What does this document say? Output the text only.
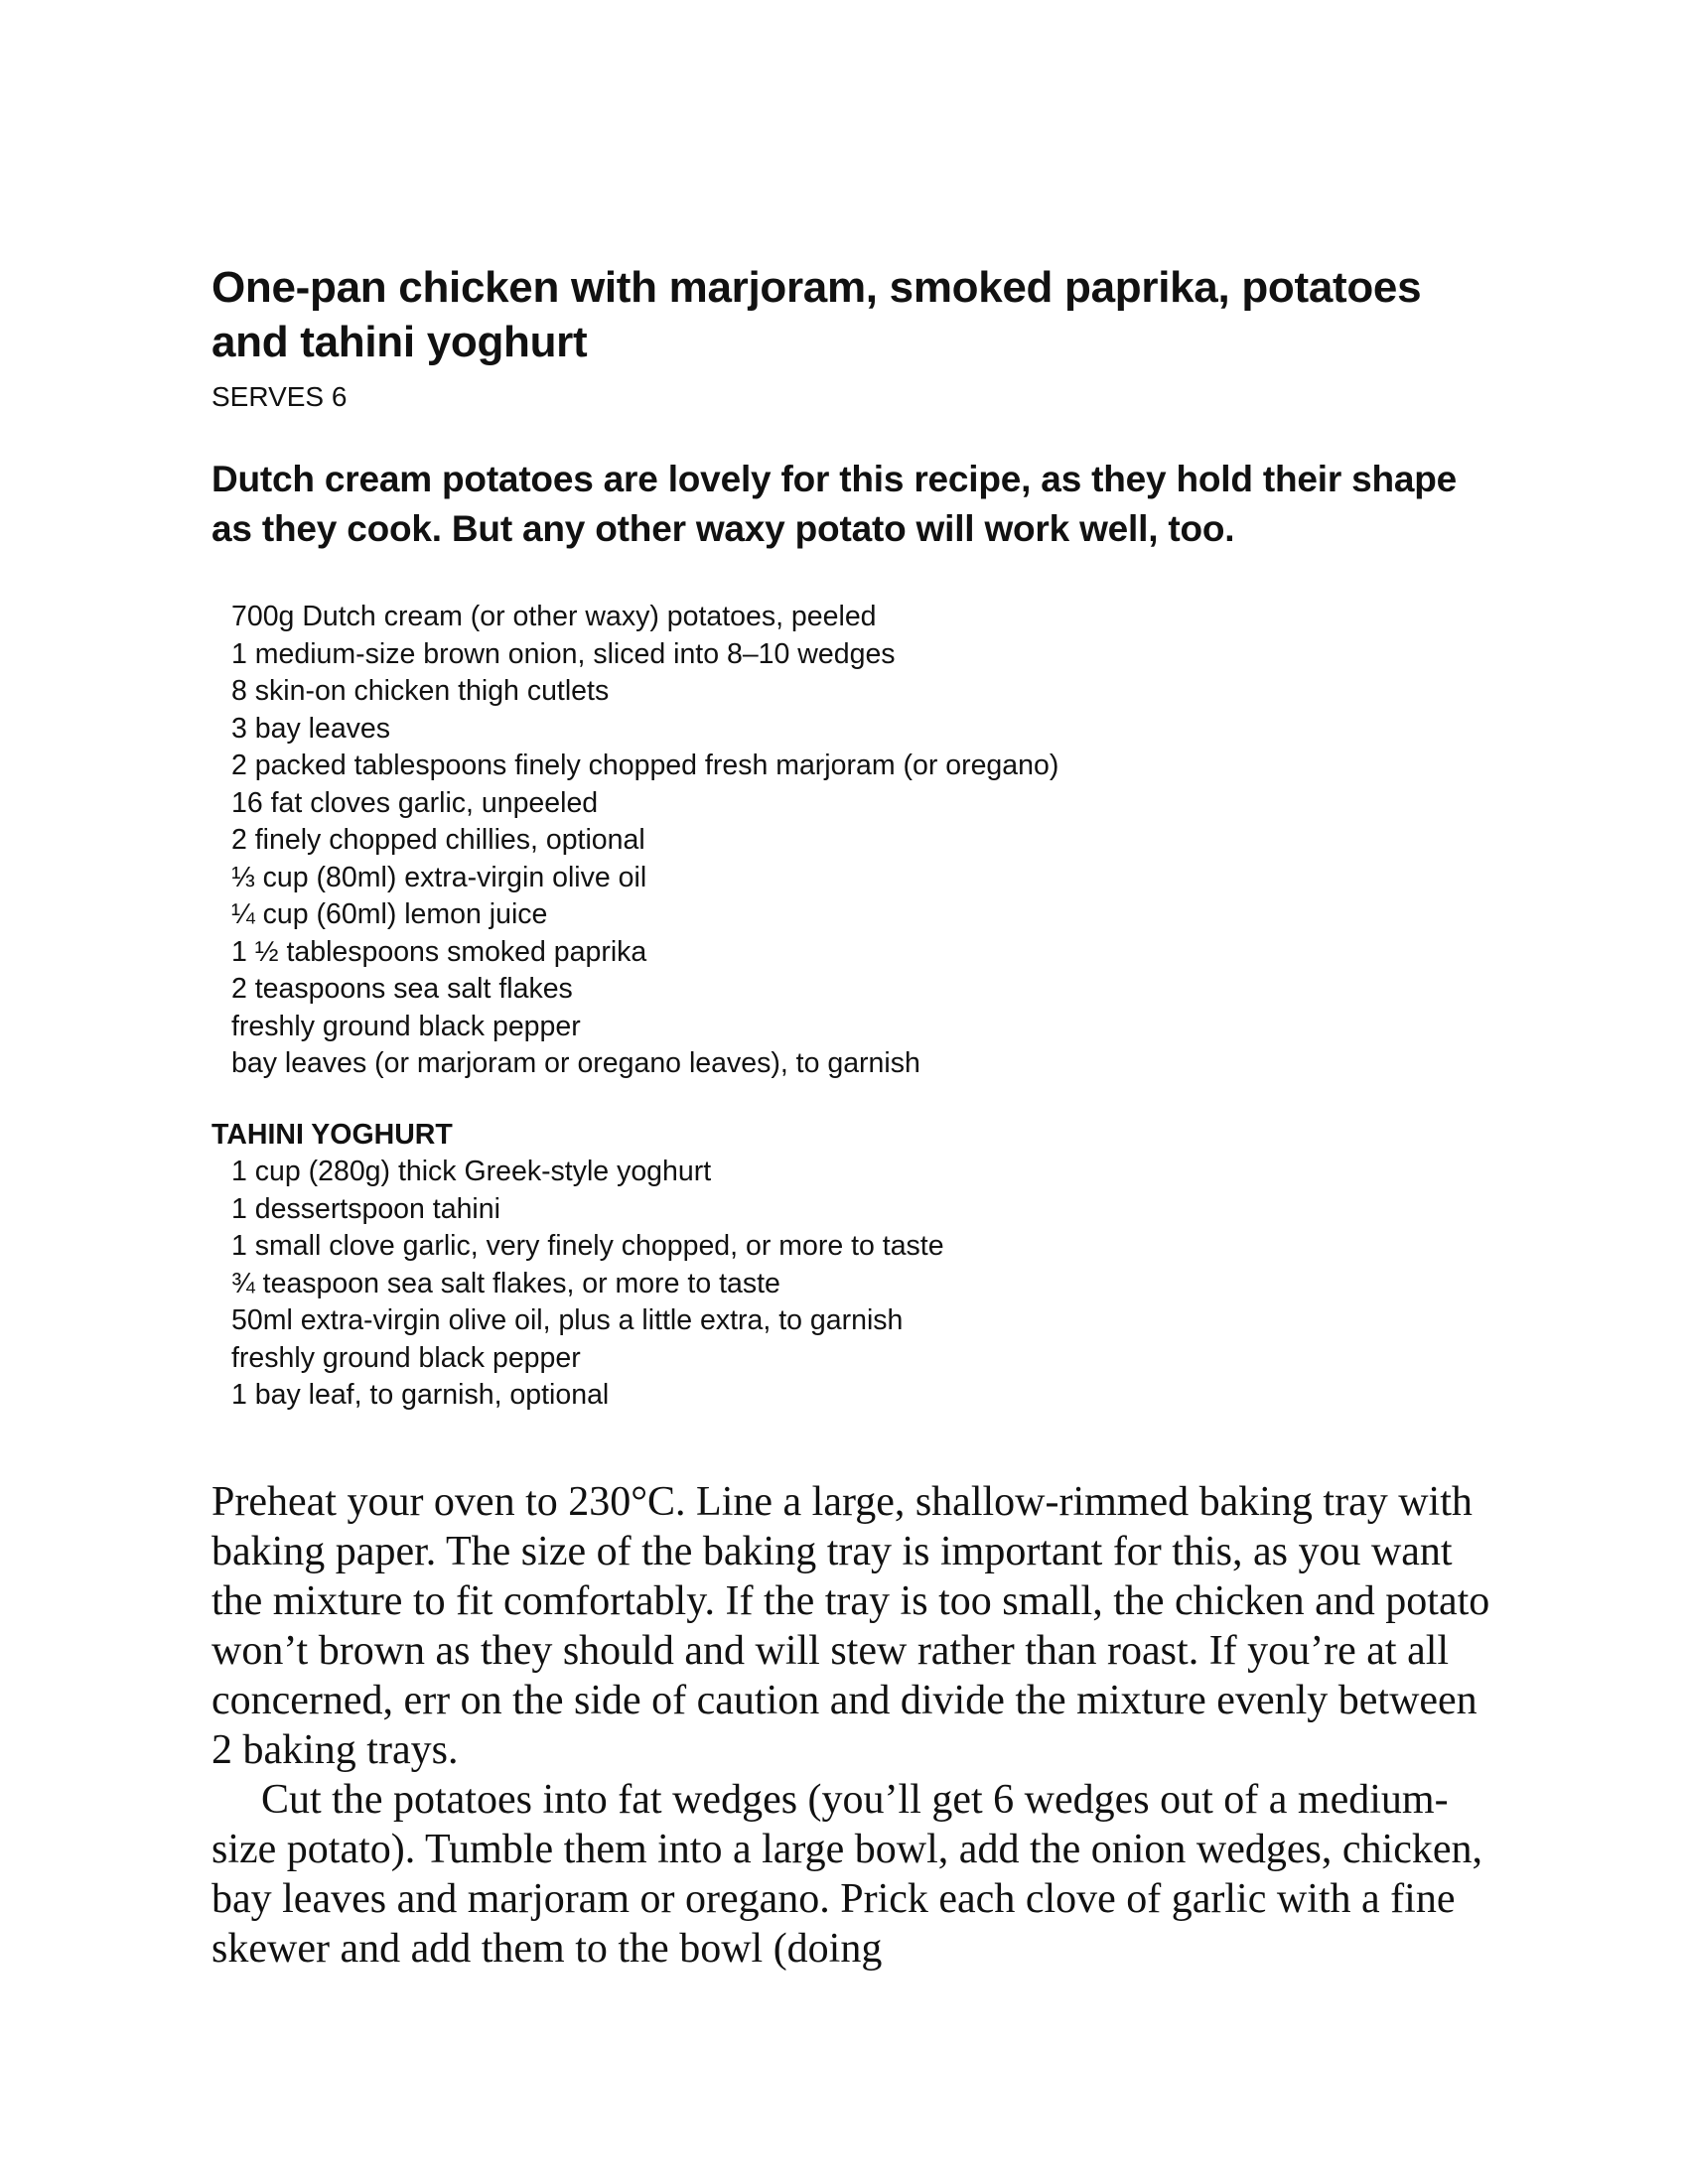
One-pan chicken with marjoram, smoked paprika, potatoes and tahini yoghurt
SERVES 6

Dutch cream potatoes are lovely for this recipe, as they hold their shape as they cook. But any other waxy potato will work well, too.

700g Dutch cream (or other waxy) potatoes, peeled
1 medium-size brown onion, sliced into 8–10 wedges
8 skin-on chicken thigh cutlets
3 bay leaves
2 packed tablespoons finely chopped fresh marjoram (or oregano)
16 fat cloves garlic, unpeeled
2 finely chopped chillies, optional
⅓ cup (80ml) extra-virgin olive oil
¼ cup (60ml) lemon juice
1 ½ tablespoons smoked paprika
2 teaspoons sea salt flakes
freshly ground black pepper
bay leaves (or marjoram or oregano leaves), to garnish
TAHINI YOGHURT
1 cup (280g) thick Greek-style yoghurt
1 dessertspoon tahini
1 small clove garlic, very finely chopped, or more to taste
¾ teaspoon sea salt flakes, or more to taste
50ml extra-virgin olive oil, plus a little extra, to garnish
freshly ground black pepper
1 bay leaf, to garnish, optional

Preheat your oven to 230°C. Line a large, shallow-rimmed baking tray with baking paper. The size of the baking tray is important for this, as you want the mixture to fit comfortably. If the tray is too small, the chicken and potato won’t brown as they should and will stew rather than roast. If you’re at all concerned, err on the side of caution and divide the mixture evenly between 2 baking trays.

Cut the potatoes into fat wedges (you’ll get 6 wedges out of a medium-size potato). Tumble them into a large bowl, add the onion wedges, chicken, bay leaves and marjoram or oregano. Prick each clove of garlic with a fine skewer and add them to the bowl (doing
